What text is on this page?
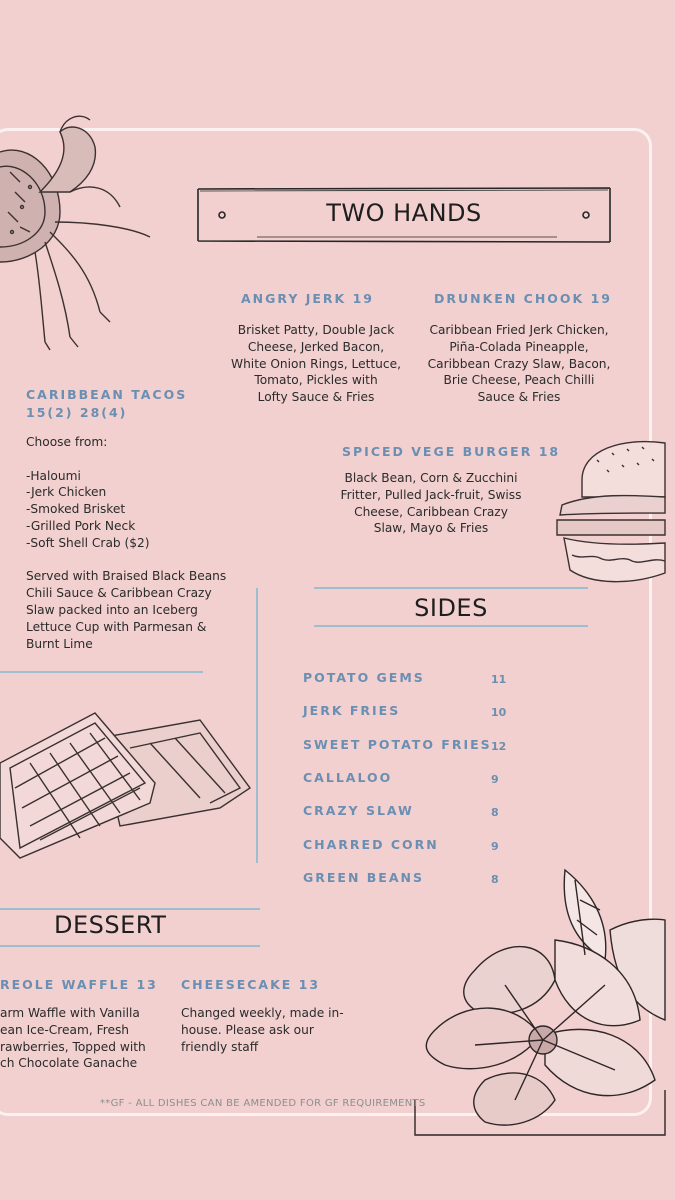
TWO HANDS
ANGRY JERK 19
Brisket Patty, Double Jack
Cheese, Jerked Bacon,
White Onion Rings, Lettuce,
Tomato, Pickles with
Lofty Sauce & Fries
DRUNKEN CHOOK 19
Caribbean Fried Jerk Chicken,
Piña-Colada Pineapple,
Caribbean Crazy Slaw, Bacon,
Brie Cheese, Peach Chilli
Sauce & Fries
CARIBBEAN TACOS
15(2) 28(4)
Choose from:
-Haloumi
-Jerk Chicken
-Smoked Brisket
-Grilled Pork Neck
-Soft Shell Crab ($2)
Served with Braised Black Beans
Chili Sauce & Caribbean Crazy
Slaw packed into an Iceberg
Lettuce Cup with Parmesan &
Burnt Lime
SPICED VEGE BURGER 18
Black Bean, Corn & Zucchini
Fritter, Pulled Jack-fruit, Swiss
Cheese, Caribbean Crazy
Slaw, Mayo & Fries
SIDES
POTATO GEMS	11
JERK FRIES	10
SWEET POTATO FRIES 12
CALLALOO	9
CRAZY SLAW	8
CHARRED CORN	9
GREEN BEANS	8
DESSERT
REOLE WAFFLE 13
arm Waffle with Vanilla
ean Ice-Cream, Fresh
rawberries, Topped with
ch Chocolate Ganache
CHEESECAKE 13
Changed weekly, made in-
house. Please ask our
friendly staff
**GF - ALL DISHES CAN BE AMENDED FOR GF REQUIREMENTS
